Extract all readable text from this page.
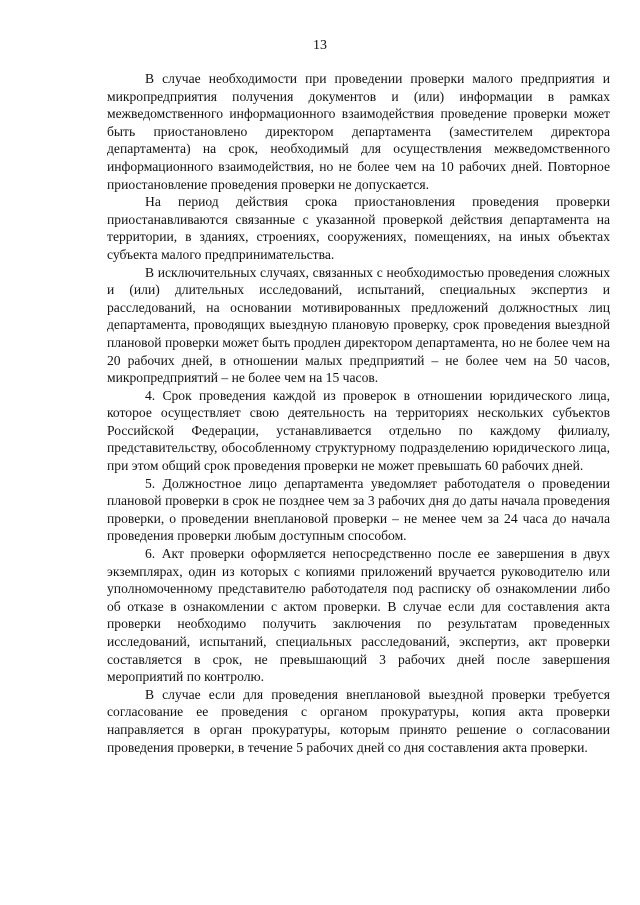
13

В случае необходимости при проведении проверки малого предприятия и микропредприятия получения документов и (или) информации в рамках межведомственного информационного взаимодействия проведение проверки может быть приостановлено директором департамента (заместителем директора департамента) на срок, необходимый для осуществления межведомственного информационного взаимодействия, но не более чем на 10 рабочих дней. Повторное приостановление проведения проверки не допускается.

На период действия срока приостановления проведения проверки приостанавливаются связанные с указанной проверкой действия департамента на территории, в зданиях, строениях, сооружениях, помещениях, на иных объектах субъекта малого предпринимательства.

В исключительных случаях, связанных с необходимостью проведения сложных и (или) длительных исследований, испытаний, специальных экспертиз и расследований, на основании мотивированных предложений должностных лиц департамента, проводящих выездную плановую проверку, срок проведения выездной плановой проверки может быть продлен директором департамента, но не более чем на 20 рабочих дней, в отношении малых предприятий – не более чем на 50 часов, микропредприятий – не более чем на 15 часов.

4. Срок проведения каждой из проверок в отношении юридического лица, которое осуществляет свою деятельность на территориях нескольких субъектов Российской Федерации, устанавливается отдельно по каждому филиалу, представительству, обособленному структурному подразделению юридического лица, при этом общий срок проведения проверки не может превышать 60 рабочих дней.

5. Должностное лицо департамента уведомляет работодателя о проведении плановой проверки в срок не позднее чем за 3 рабочих дня до даты начала проведения проверки, о проведении внеплановой проверки – не менее чем за 24 часа до начала проведения проверки любым доступным способом.

6. Акт проверки оформляется непосредственно после ее завершения в двух экземплярах, один из которых с копиями приложений вручается руководителю или уполномоченному представителю работодателя под расписку об ознакомлении либо об отказе в ознакомлении с актом проверки. В случае если для составления акта проверки необходимо получить заключения по результатам проведенных исследований, испытаний, специальных расследований, экспертиз, акт проверки составляется в срок, не превышающий 3 рабочих дней после завершения мероприятий по контролю.

В случае если для проведения внеплановой выездной проверки требуется согласование ее проведения с органом прокуратуры, копия акта проверки направляется в орган прокуратуры, которым принято решение о согласовании проведения проверки, в течение 5 рабочих дней со дня составления акта проверки.
